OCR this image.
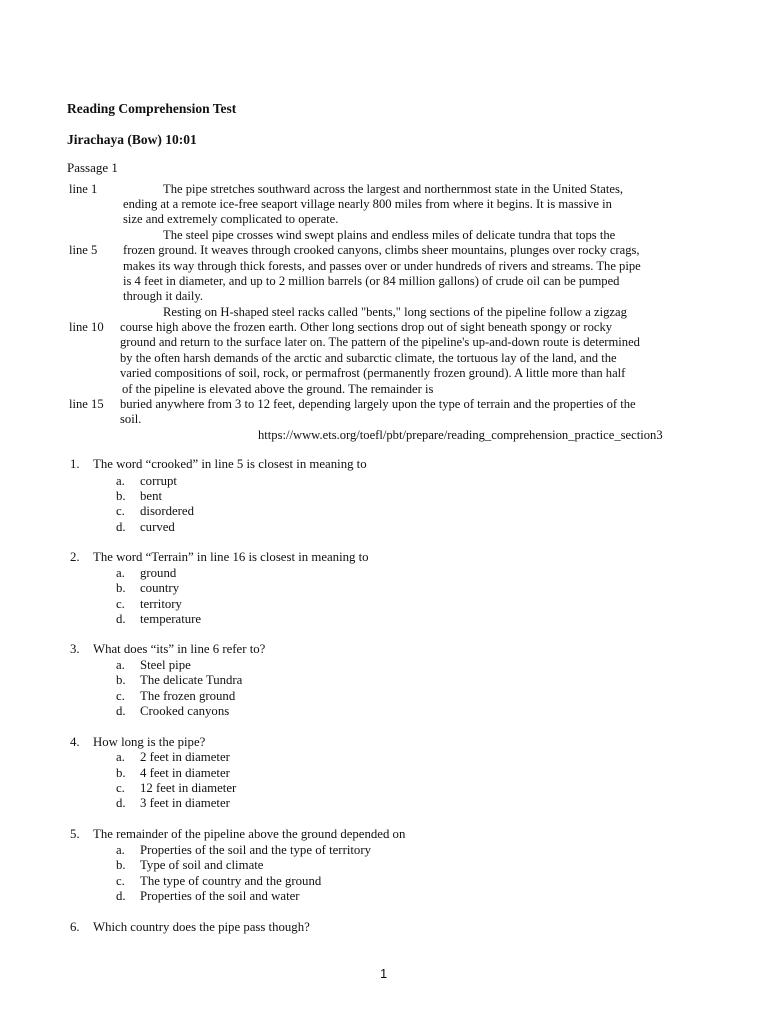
Reading Comprehension Test
Jirachaya (Bow) 10:01
Passage 1
line 1
line 5
line 10
line 15
The pipe stretches southward across the largest and northernmost state in the United States,
ending at a remote ice-free seaport village nearly 800 miles from where it begins. It is massive in
size and extremely complicated to operate.
The steel pipe crosses wind swept plains and endless miles of delicate tundra that tops the
frozen ground. It weaves through crooked canyons, climbs sheer mountains, plunges over rocky crags,
makes its way through thick forests, and passes over or under hundreds of rivers and streams. The pipe
is 4 feet in diameter, and up to 2 million barrels (or 84 million gallons) of crude oil can be pumped
through it daily.
Resting on H-shaped steel racks called "bents," long sections of the pipeline follow a zigzag
course high above the frozen earth. Other long sections drop out of sight beneath spongy or rocky
ground and return to the surface later on. The pattern of the pipeline's up-and-down route is determined
by the often harsh demands of the arctic and subarctic climate, the tortuous lay of the land, and the
varied compositions of soil, rock, or permafrost (permanently frozen ground). A little more than half
of the pipeline is elevated above the ground. The remainder is
buried anywhere from 3 to 12 feet, depending largely upon the type of terrain and the properties of the
soil.
https://www.ets.org/toefl/pbt/prepare/reading_comprehension_practice_section3
1. The word “crooked” in line 5 is closest in meaning to
a. corrupt
b. bent
c. disordered
d. curved
2. The word “Terrain” in line 16 is closest in meaning to
a. ground
b. country
c. territory
d. temperature
3. What does “its” in line 6 refer to?
a. Steel pipe
b. The delicate Tundra
c. The frozen ground
d. Crooked canyons
4. How long is the pipe?
a. 2 feet in diameter
b. 4 feet in diameter
c. 12 feet in diameter
d. 3 feet in diameter
5. The remainder of the pipeline above the ground depended on
a. Properties of the soil and the type of territory
b. Type of soil and climate
c. The type of country and the ground
d. Properties of the soil and water
6. Which country does the pipe pass though?
1
